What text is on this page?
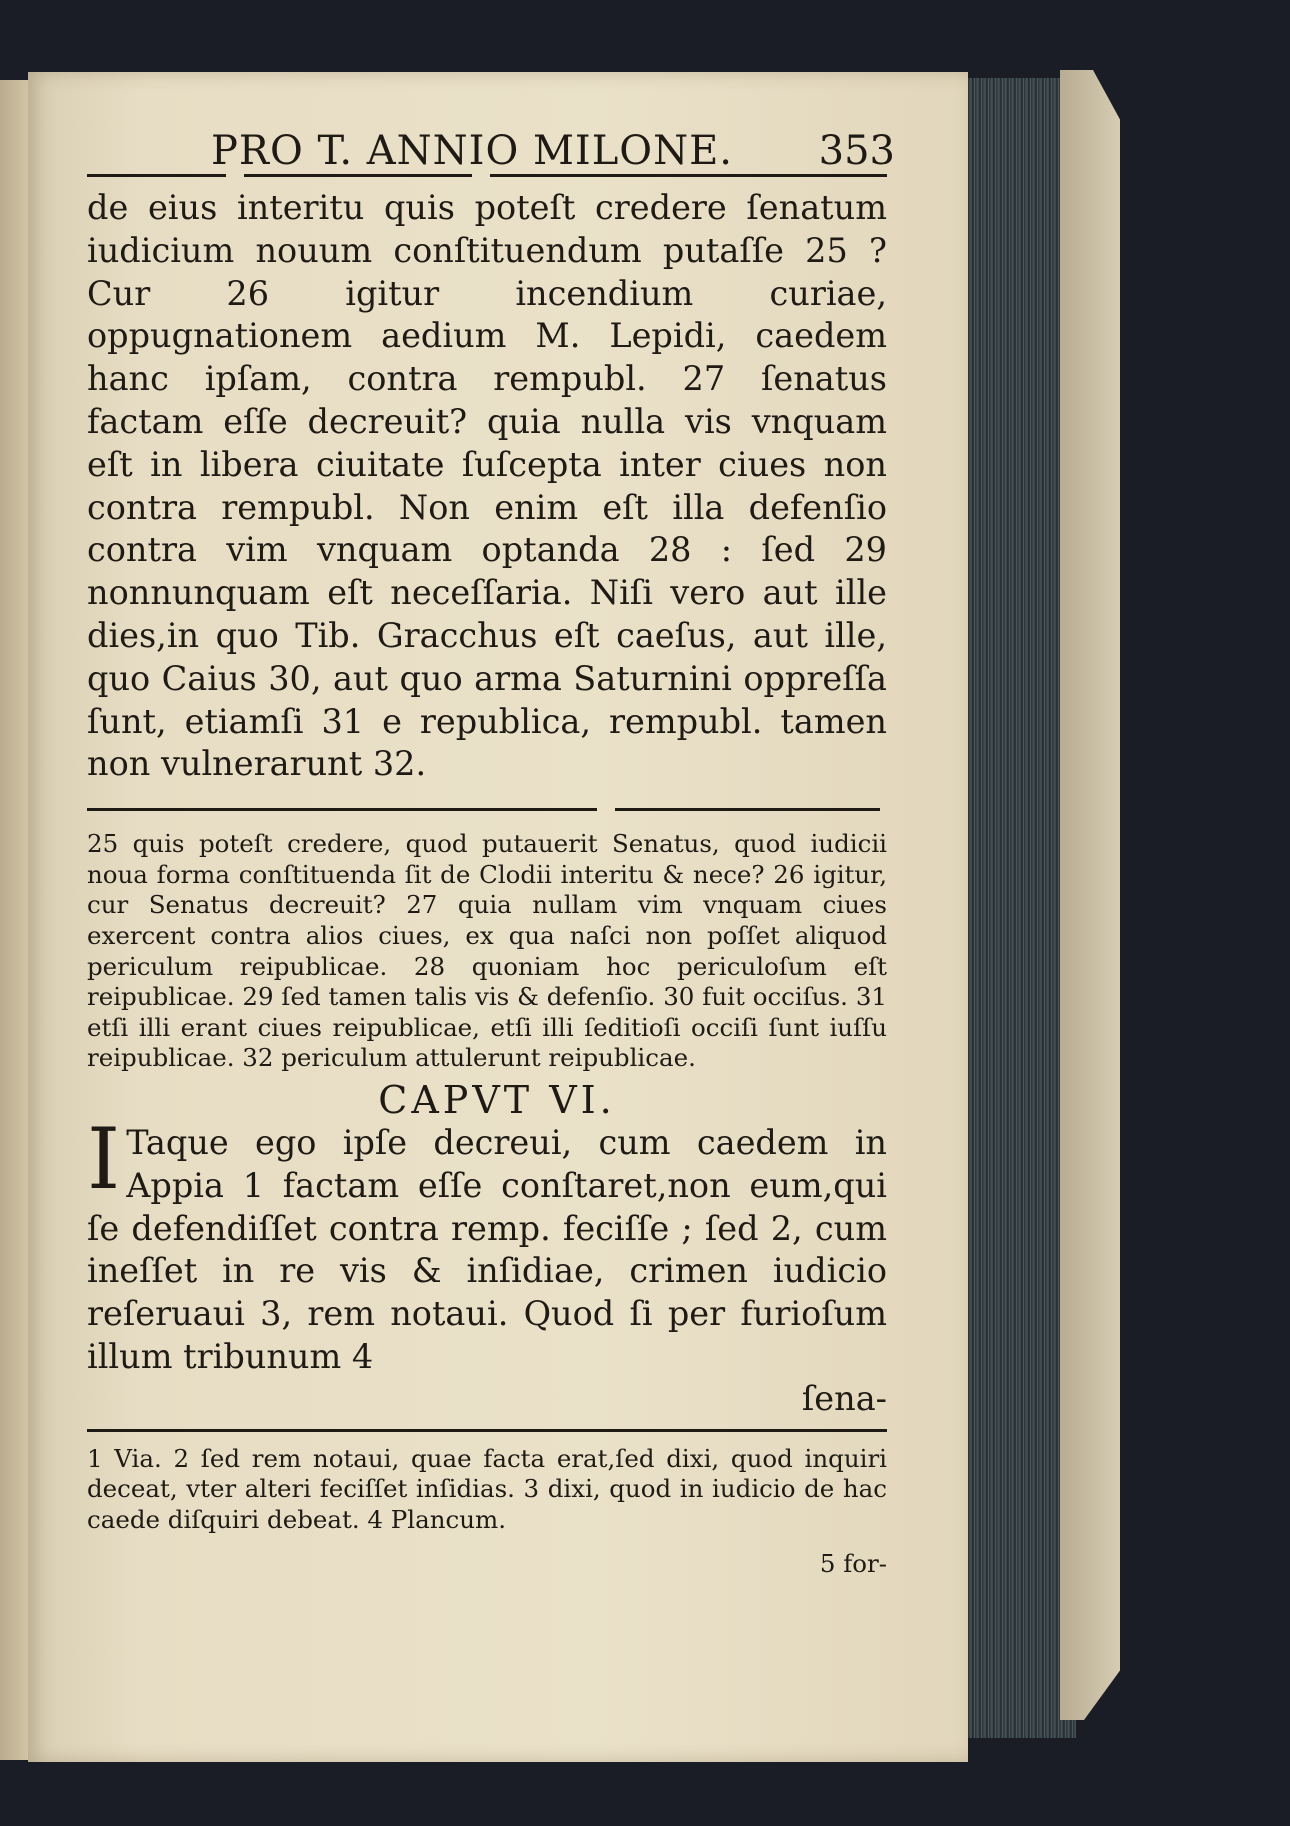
PRO T. ANNIO MILONE. 353

de eius interitu quis poteſt credere ſenatum iudicium nouum conſtituendum putaſſe 25 ? Cur 26 igitur incendium curiae, oppugnationem aedium M. Lepidi, caedem hanc ipſam, contra rempubl. 27 ſenatus factam eſſe decreuit? quia nulla vis vnquam eſt in libera ciuitate ſuſcepta inter ciues non contra rempubl. Non enim eſt illa defenſio contra vim vnquam optanda 28 : ſed 29 nonnunquam eſt neceſſaria. Niſi vero aut ille dies,in quo Tib. Gracchus eſt caeſus, aut ille, quo Caius 30, aut quo arma Saturnini oppreſſa ſunt, etiamſi 31 e republica, rempubl. tamen non vulnerarunt 32.

25 quis poteſt credere, quod putauerit Senatus, quod iudicii noua forma conſtituenda ſit de Clodii interitu & nece? 26 igitur, cur Senatus decreuit? 27 quia nullam vim vnquam ciues exercent contra alios ciues, ex qua naſci non poſſet aliquod periculum reipublicae. 28 quoniam hoc periculoſum eſt reipublicae. 29 ſed tamen talis vis & defenſio. 30 fuit occiſus. 31 etſi illi erant ciues reipublicae, etſi illi ſeditioſi occiſi ſunt iuſſu reipublicae. 32 periculum attulerunt reipublicae.

CAPVT VI.
I Taque ego ipſe decreui, cum caedem in Appia 1 factam eſſe conſtaret,non eum,qui ſe defendiſſet contra remp. feciſſe ; ſed 2, cum ineſſet in re vis & inſidiae, crimen iudicio reſeruaui 3, rem notaui. Quod ſi per furioſum illum tribunum 4

ſena-

1 Via. 2 ſed rem notaui, quae facta erat,ſed dixi, quod inquiri deceat, vter alteri feciſſet inſidias. 3 dixi, quod in iudicio de hac caede diſquiri debeat. 4 Plancum.

5 for-
